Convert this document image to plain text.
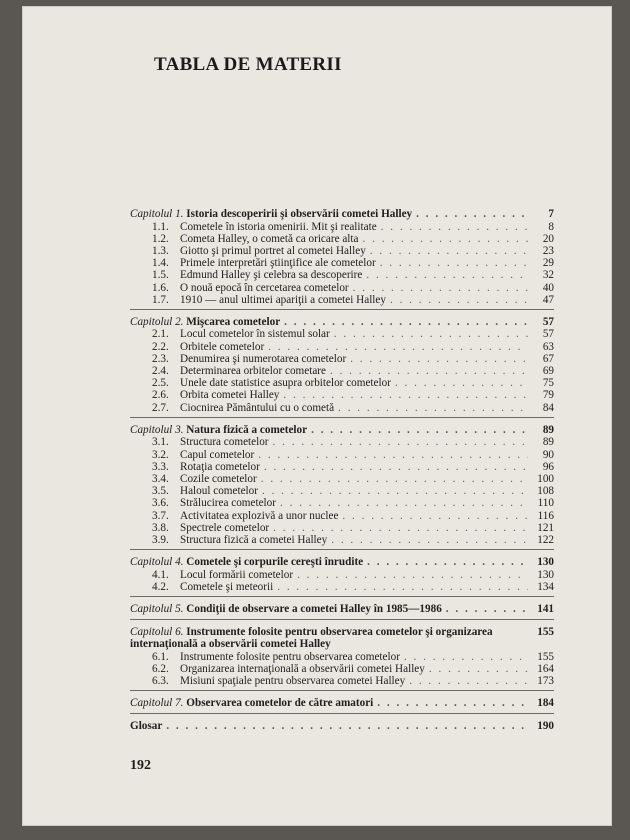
TABLA DE MATERII
Capitolul 1. Istoria descoperirii şi observării cometei Halley . . .	7
1.1.	Cometele în istoria omenirii. Mit şi realitate . . .	8
1.2.	Cometa Halley, o cometă ca oricare alta . . .	20
1.3.	Giotto şi primul portret al cometei Halley . . .	23
1.4.	Primele interpretări ştiinţifice ale cometelor . . .	29
1.5.	Edmund Halley şi celebra sa descoperire . . .	32
1.6.	O nouă epocă în cercetarea cometelor . . .	40
1.7.	1910 — anul ultimei apariţii a cometei Halley . . .	47
Capitolul 2. Mişcarea cometelor . . .	57
2.1.	Locul cometelor în sistemul solar . . .	57
2.2.	Orbitele cometelor . . .	63
2.3.	Denumirea şi numerotarea cometelor . . .	67
2.4.	Determinarea orbitelor cometare . . .	69
2.5.	Unele date statistice asupra orbitelor cometelor . . .	75
2.6.	Orbita cometei Halley . . .	79
2.7.	Ciocnirea Pământului cu o cometă . . .	84
Capitolul 3. Natura fizică a cometelor . . .	89
3.1.	Structura cometelor . . .	89
3.2.	Capul cometelor . . .	90
3.3.	Rotaţia cometelor . . .	96
3.4.	Cozile cometelor . . .	100
3.5.	Haloul cometelor . . .	108
3.6.	Strălucirea cometelor . . .	110
3.7.	Activitatea explozivă a unor nuclee . . .	116
3.8.	Spectrele cometelor . . .	121
3.9.	Structura fizică a cometei Halley . . .	122
Capitolul 4. Cometele şi corpurile cereşti înrudite . . .	130
4.1.	Locul formării cometelor . . .	130
4.2.	Cometele şi meteorii . . .	134
Capitolul 5. Condiţii de observare a cometei Halley în 1985—1986 . . .	141
Capitolul 6. Instrumente folosite pentru observarea cometelor şi organizarea internaţională a observării cometei Halley
155
6.1.	Instrumente folosite pentru observarea cometelor . . .	155
6.2.	Organizarea internaţională a observării cometei Halley . . .	164
6.3.	Misiuni spaţiale pentru observarea cometei Halley . . .	173
Capitolul 7. Observarea cometelor de către amatori . . .	184
Glosar . . .	190
192
